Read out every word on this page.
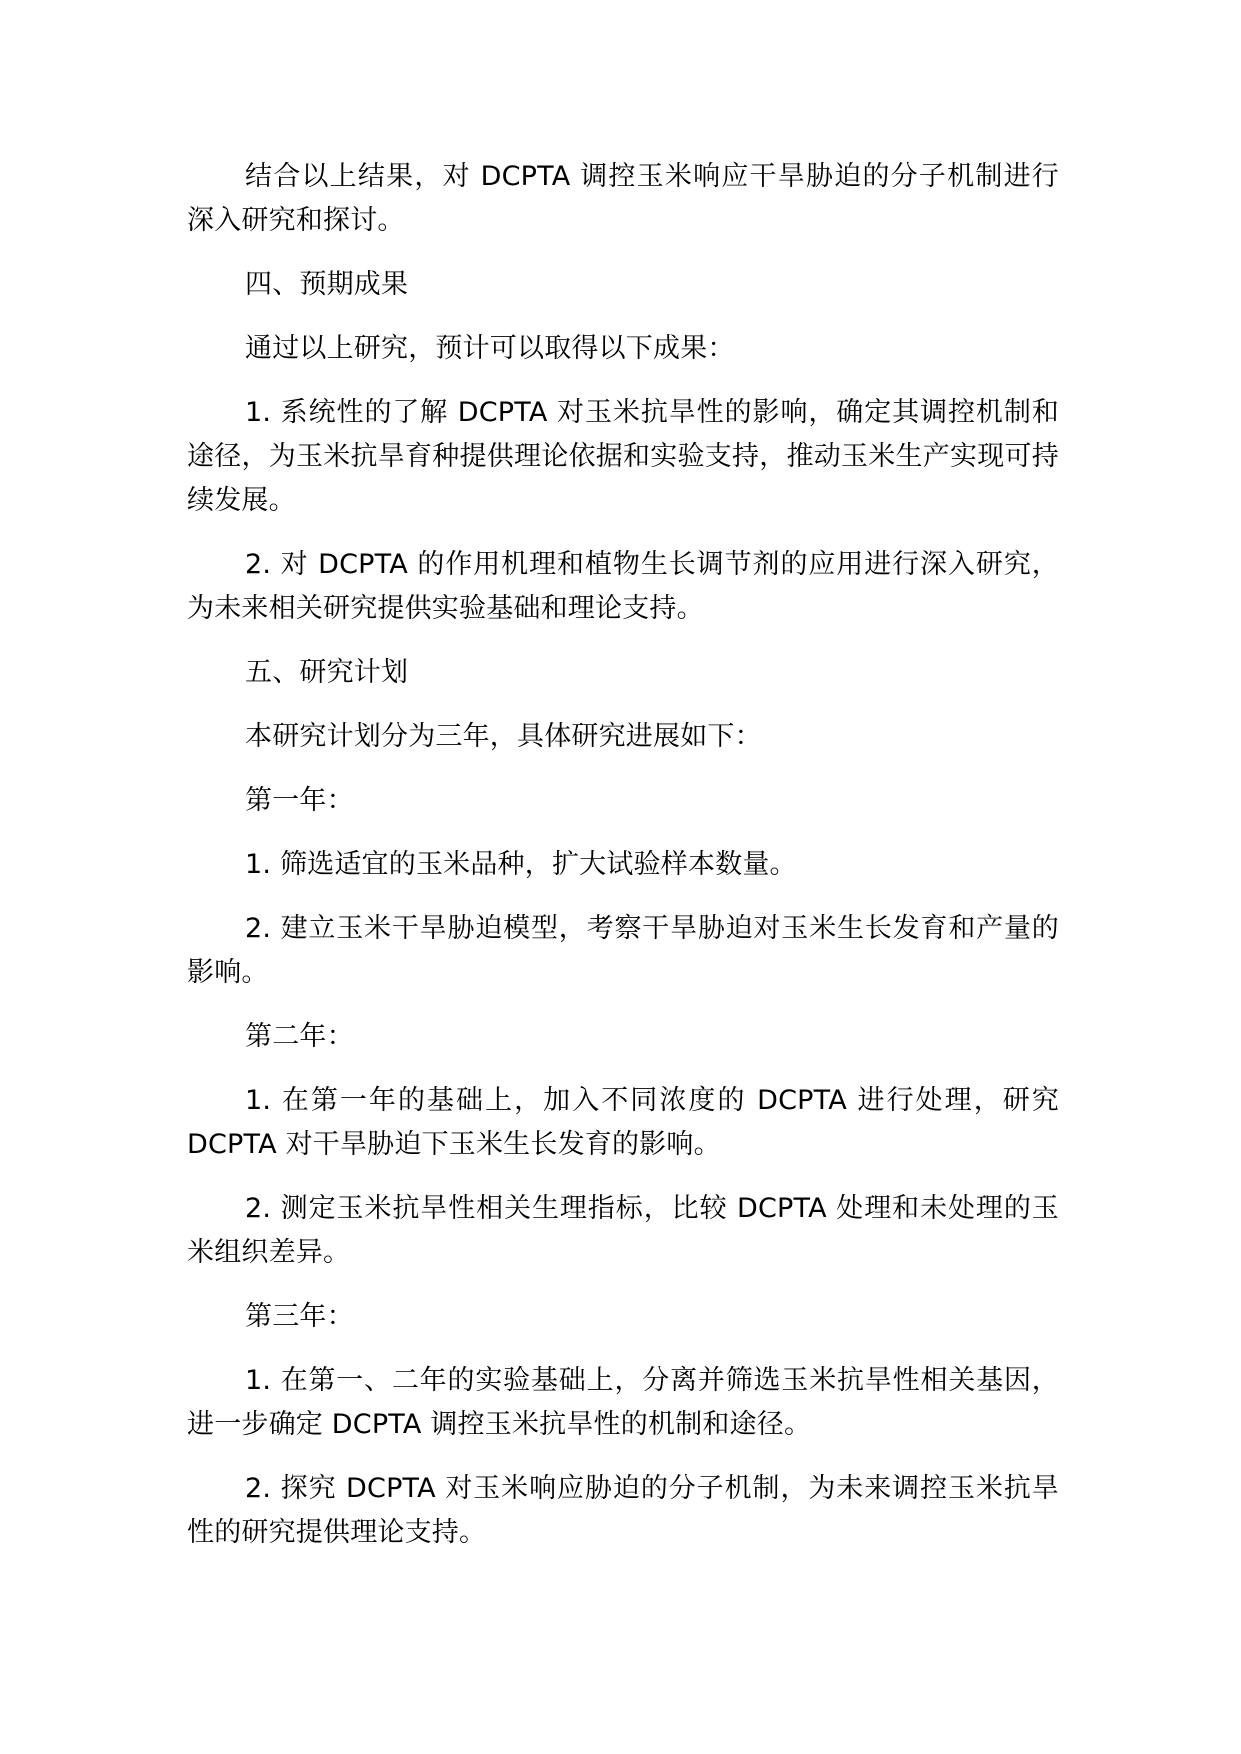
结合以上结果，对 DCPTA 调控玉米响应干旱胁迫的分子机制进行深入研究和探讨。

四、预期成果

通过以上研究，预计可以取得以下成果：

1. 系统性的了解 DCPTA 对玉米抗旱性的影响，确定其调控机制和途径，为玉米抗旱育种提供理论依据和实验支持，推动玉米生产实现可持续发展。

2. 对 DCPTA 的作用机理和植物生长调节剂的应用进行深入研究，为未来相关研究提供实验基础和理论支持。

五、研究计划

本研究计划分为三年，具体研究进展如下：

第一年：

1. 筛选适宜的玉米品种，扩大试验样本数量。

2. 建立玉米干旱胁迫模型，考察干旱胁迫对玉米生长发育和产量的影响。

第二年：

1. 在第一年的基础上，加入不同浓度的 DCPTA 进行处理，研究 DCPTA 对干旱胁迫下玉米生长发育的影响。

2. 测定玉米抗旱性相关生理指标，比较 DCPTA 处理和未处理的玉米组织差异。

第三年：

1. 在第一、二年的实验基础上，分离并筛选玉米抗旱性相关基因，进一步确定 DCPTA 调控玉米抗旱性的机制和途径。

2. 探究 DCPTA 对玉米响应胁迫的分子机制，为未来调控玉米抗旱性的研究提供理论支持。
